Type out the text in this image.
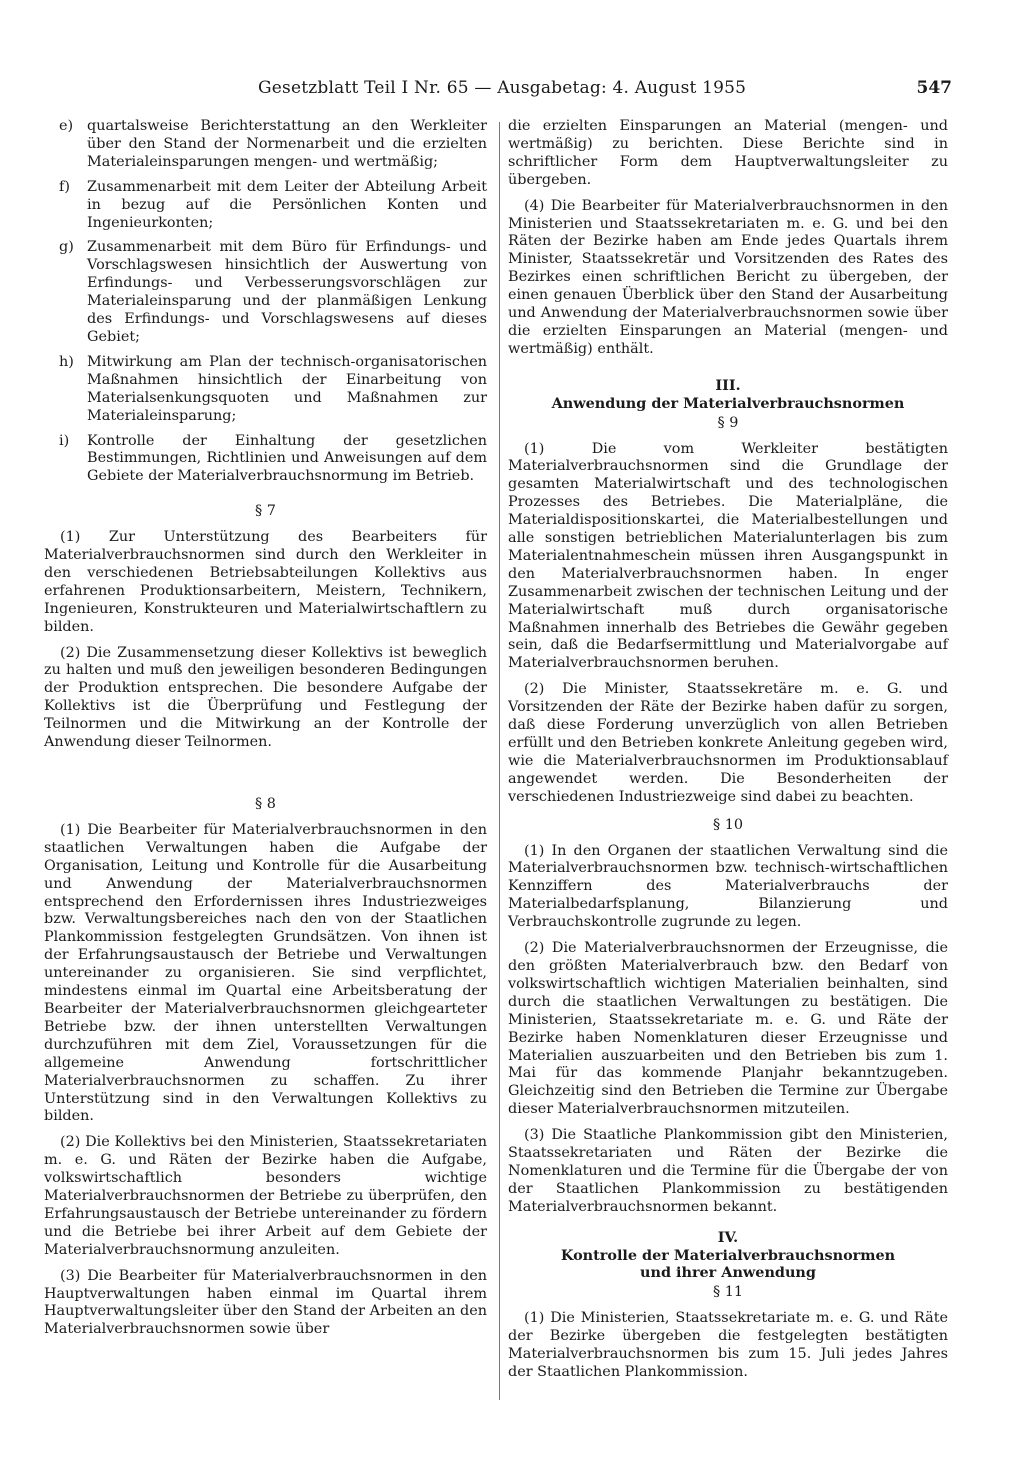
Gesetzblatt Teil I Nr. 65 — Ausgabetag: 4. August 1955	547
e) quartalsweise Berichterstattung an den Werkleiter über den Stand der Normenarbeit und die erzielten Materialeinsparungen mengen- und wertmäßig;
f)	Zusammenarbeit mit dem Leiter der Abteilung Arbeit in bezug auf die Persönlichen Konten und Ingenieurkonten;
g) Zusammenarbeit mit dem Büro für Erfindungs- und Vorschlagswesen hinsichtlich der Auswertung von Erfindungs- und Verbesserungsvorschlägen zur Materialeinsparung und der planmäßigen Lenkung des Erfindungs- und Vorschlagswesens auf dieses Gebiet;
h) Mitwirkung am Plan der technisch-organisatorischen Maßnahmen hinsichtlich der Einarbeitung von Materialsenkungsquoten und Maßnahmen zur Materialeinsparung;
i)	Kontrolle der Einhaltung der gesetzlichen Bestimmungen, Richtlinien und Anweisungen auf dem Gebiete der Materialverbrauchsnormung im Betrieb.
§ 7

(1) Zur Unterstützung des Bearbeiters für Materialverbrauchsnormen sind durch den Werkleiter in den verschiedenen Betriebsabteilungen Kollektivs aus erfahrenen Produktionsarbeitern, Meistern, Technikern, Ingenieuren, Konstrukteuren und Materialwirtschaftlern zu bilden.

(2) Die Zusammensetzung dieser Kollektivs ist beweglich zu halten und muß den jeweiligen besonderen Bedingungen der Produktion entsprechen. Die besondere Aufgabe der Kollektivs ist die Überprüfung und Festlegung der Teilnormen und die Mitwirkung an der Kontrolle der Anwendung dieser Teilnormen.

§ 8

(1) Die Bearbeiter für Materialverbrauchsnormen in den staatlichen Verwaltungen haben die Aufgabe der Organisation, Leitung und Kontrolle für die Ausarbeitung und Anwendung der Materialverbrauchsnormen entsprechend den Erfordernissen ihres Industriezweiges bzw. Verwaltungsbereiches nach den von der Staatlichen Plankommission festgelegten Grundsätzen. Von ihnen ist der Erfahrungsaustausch der Betriebe und Verwaltungen untereinander zu organisieren. Sie sind verpflichtet, mindestens einmal im Quartal eine Arbeitsberatung der Bearbeiter der Materialverbrauchsnormen gleichgearteter Betriebe bzw. der ihnen unterstellten Verwaltungen durchzuführen mit dem Ziel, Voraussetzungen für die allgemeine Anwendung fortschrittlicher Materialverbrauchsnormen zu schaffen. Zu ihrer Unterstützung sind in den Verwaltungen Kollektivs zu bilden.

(2) Die Kollektivs bei den Ministerien, Staatssekretariaten m. e. G. und Räten der Bezirke haben die Aufgabe, volkswirtschaftlich besonders wichtige Materialverbrauchsnormen der Betriebe zu überprüfen, den Erfahrungsaustausch der Betriebe untereinander zu fördern und die Betriebe bei ihrer Arbeit auf dem Gebiete der Materialverbrauchsnormung anzuleiten.

(3) Die Bearbeiter für Materialverbrauchsnormen in den Hauptverwaltungen haben einmal im Quartal ihrem Hauptverwaltungsleiter über den Stand der Arbeiten an den Materialverbrauchsnormen sowie über

die erzielten Einsparungen an Material (mengen- und wertmäßig) zu berichten. Diese Berichte sind in schriftlicher Form dem Hauptverwaltungsleiter zu übergeben.

(4) Die Bearbeiter für Materialverbrauchsnormen in den Ministerien und Staatssekretariaten m. e. G. und bei den Räten der Bezirke haben am Ende jedes Quartals ihrem Minister, Staatssekretär und Vorsitzenden des Rates des Bezirkes einen schriftlichen Bericht zu übergeben, der einen genauen Überblick über den Stand der Ausarbeitung und Anwendung der Materialverbrauchsnormen sowie über die erzielten Einsparungen an Material (mengen- und wertmäßig) enthält.

III.
Anwendung der Materialverbrauchsnormen
§ 9

(1) Die vom Werkleiter bestätigten Materialverbrauchsnormen sind die Grundlage der gesamten Materialwirtschaft und des technologischen Prozesses des Betriebes. Die Materialpläne, die Materialdispositionskartei, die Materialbestellungen und alle sonstigen betrieblichen Materialunterlagen bis zum Materialentnahmeschein müssen ihren Ausgangspunkt in den Materialverbrauchsnormen haben. In enger Zusammenarbeit zwischen der technischen Leitung und der Materialwirtschaft muß durch organisatorische Maßnahmen innerhalb des Betriebes die Gewähr gegeben sein, daß die Bedarfsermittlung und Materialvorgabe auf Materialverbrauchsnormen beruhen.

(2) Die Minister, Staatssekretäre m. e. G. und Vorsitzenden der Räte der Bezirke haben dafür zu sorgen, daß diese Forderung unverzüglich von allen Betrieben erfüllt und den Betrieben konkrete Anleitung gegeben wird, wie die Materialverbrauchsnormen im Produktionsablauf angewendet werden. Die Besonderheiten der verschiedenen Industriezweige sind dabei zu beachten.

§ 10

(1) In den Organen der staatlichen Verwaltung sind die Materialverbrauchsnormen bzw. technisch-wirtschaftlichen Kennziffern des Materialverbrauchs der Materialbedarfsplanung, Bilanzierung und Verbrauchskontrolle zugrunde zu legen.

(2) Die Materialverbrauchsnormen der Erzeugnisse, die den größten Materialverbrauch bzw. den Bedarf von volkswirtschaftlich wichtigen Materialien beinhalten, sind durch die staatlichen Verwaltungen zu bestätigen. Die Ministerien, Staatssekretariate m. e. G. und Räte der Bezirke haben Nomenklaturen dieser Erzeugnisse und Materialien auszuarbeiten und den Betrieben bis zum 1. Mai für das kommende Planjahr bekanntzugeben. Gleichzeitig sind den Betrieben die Termine zur Übergabe dieser Materialverbrauchsnormen mitzuteilen.

(3) Die Staatliche Plankommission gibt den Ministerien, Staatssekretariaten und Räten der Bezirke die Nomenklaturen und die Termine für die Übergabe der von der Staatlichen Plankommission zu bestätigenden Materialverbrauchsnormen bekannt.

IV.
Kontrolle der Materialverbrauchsnormen
und ihrer Anwendung
§ 11

(1) Die Ministerien, Staatssekretariate m. e. G. und Räte der Bezirke übergeben die festgelegten bestätigten Materialverbrauchsnormen bis zum 15. Juli jedes Jahres der Staatlichen Plankommission.
